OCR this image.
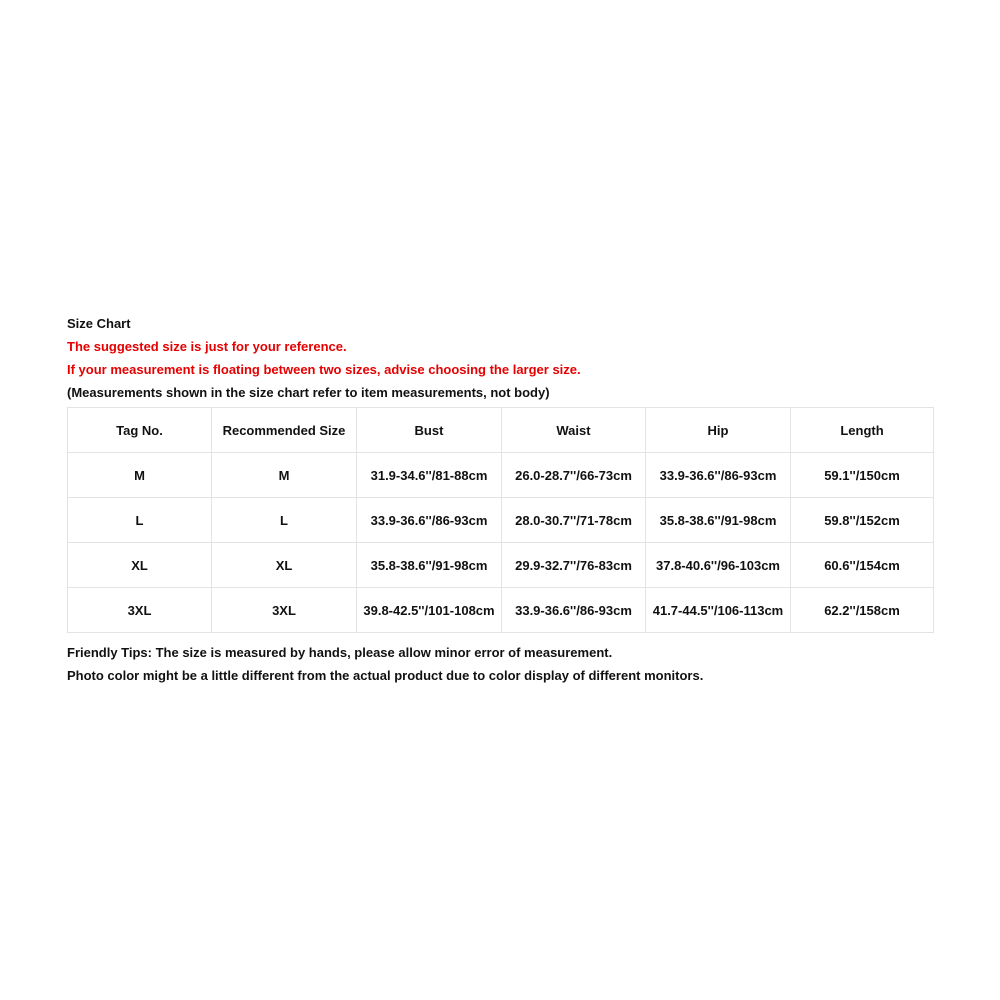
Size Chart
The suggested size is just for your reference.
If your measurement is floating between two sizes, advise choosing the larger size.
(Measurements shown in the size chart refer to item measurements, not body)
Tag No.	Recommended Size	Bust	Waist	Hip	Length
M	M	31.9-34.6''/81-88cm	26.0-28.7''/66-73cm	33.9-36.6''/86-93cm	59.1''/150cm
L	L	33.9-36.6''/86-93cm	28.0-30.7''/71-78cm	35.8-38.6''/91-98cm	59.8''/152cm
XL	XL	35.8-38.6''/91-98cm	29.9-32.7''/76-83cm	37.8-40.6''/96-103cm	60.6''/154cm
3XL	3XL	39.8-42.5''/101-108cm	33.9-36.6''/86-93cm	41.7-44.5''/106-113cm	62.2''/158cm
Friendly Tips: The size is measured by hands, please allow minor error of measurement.
Photo color might be a little different from the actual product due to color display of different monitors.
